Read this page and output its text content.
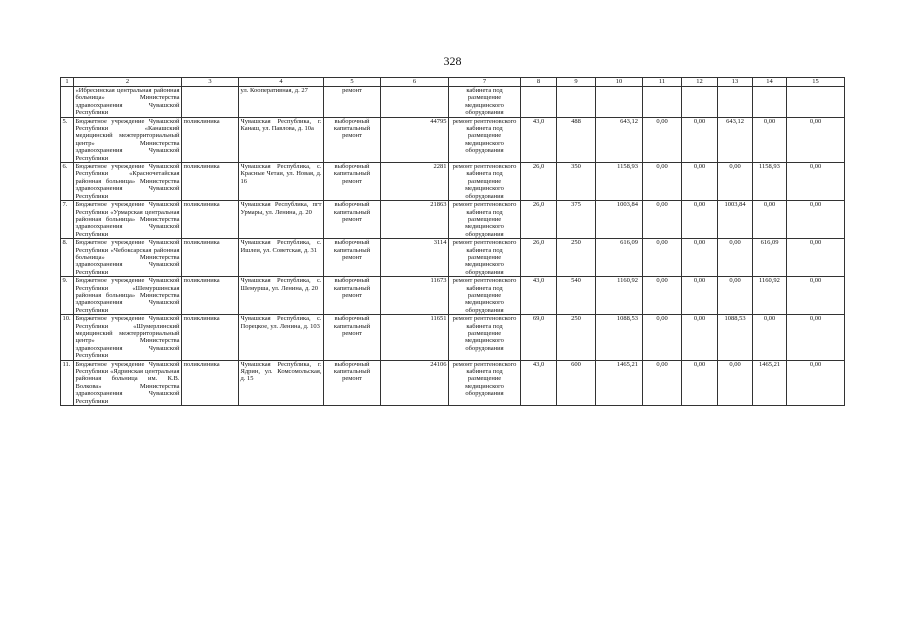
328
1	2	3	4	5	6	7	8	9	10	11	12	13	14	15
	«Ибресинская центральная районная больница» Министерства здравоохранения Чувашской Республики		ул. Кооперативная, д. 27	ремонт		кабинета под размещение медицинского оборудования								
5.	Бюджетное учреждение Чувашской Республики «Канашский медицинский межтерриториальный центр» Министерства здравоохранения Чувашской Республики	поликлиника	Чувашская Республика, г. Канаш, ул. Павлова, д. 10а	выборочный капитальный ремонт	44795	ремонт рентгеновского кабинета под размещение медицинского оборудования	43,0	488	643,12	0,00	0,00	643,12	0,00	0,00
6.	Бюджетное учреждение Чувашской Республики «Красночетайская районная больница» Министерства здравоохранения Чувашской Республики	поликлиника	Чувашская Республика, с. Красные Четаи, ул. Новая, д. 16	выборочный капитальный ремонт	2281	ремонт рентгеновского кабинета под размещение медицинского оборудования	26,0	350	1158,93	0,00	0,00	0,00	1158,93	0,00
7.	Бюджетное учреждение Чувашской Республики «Урмарская центральная районная больница» Министерства здравоохранения Чувашской Республики	поликлиника	Чувашская Республика, пгт Урмары, ул. Ленина, д. 20	выборочный капитальный ремонт	21863	ремонт рентгеновского кабинета под размещение медицинского оборудования	26,0	375	1003,84	0,00	0,00	1003,84	0,00	0,00
8.	Бюджетное учреждение Чувашской Республики «Чебоксарская районная больница» Министерства здравоохранения Чувашской Республики	поликлиника	Чувашская Республика, с. Ишлеи, ул. Советская, д. 31	выборочный капитальный ремонт	3114	ремонт рентгеновского кабинета под размещение медицинского оборудования	26,0	250	616,09	0,00	0,00	0,00	616,09	0,00
9.	Бюджетное учреждение Чувашской Республики «Шемуршинская районная больница» Министерства здравоохранения Чувашской Республики	поликлиника	Чувашская Республика, с. Шемурша, ул. Ленина, д. 20	выборочный капитальный ремонт	11673	ремонт рентгеновского кабинета под размещение медицинского оборудования	43,0	540	1160,92	0,00	0,00	0,00	1160,92	0,00
10.	Бюджетное учреждение Чувашской Республики «Шумерлинский медицинский межтерриториальный центр» Министерства здравоохранения Чувашской Республики	поликлиника	Чувашская Республика, с. Порецкое, ул. Ленина, д. 103	выборочный капитальный ремонт	11651	ремонт рентгеновского кабинета под размещение медицинского оборудования	69,0	250	1088,53	0,00	0,00	1088,53	0,00	0,00
11.	Бюджетное учреждение Чувашской Республики «Ядринская центральная районная больница им. К.В. Волкова» Министерства здравоохранения Чувашской Республики	поликлиника	Чувашская Республика, г. Ядрин, ул. Комсомольская, д. 15	выборочный капитальный ремонт	24106	ремонт рентгеновского кабинета под размещение медицинского оборудования	43,0	600	1465,21	0,00	0,00	0,00	1465,21	0,00
